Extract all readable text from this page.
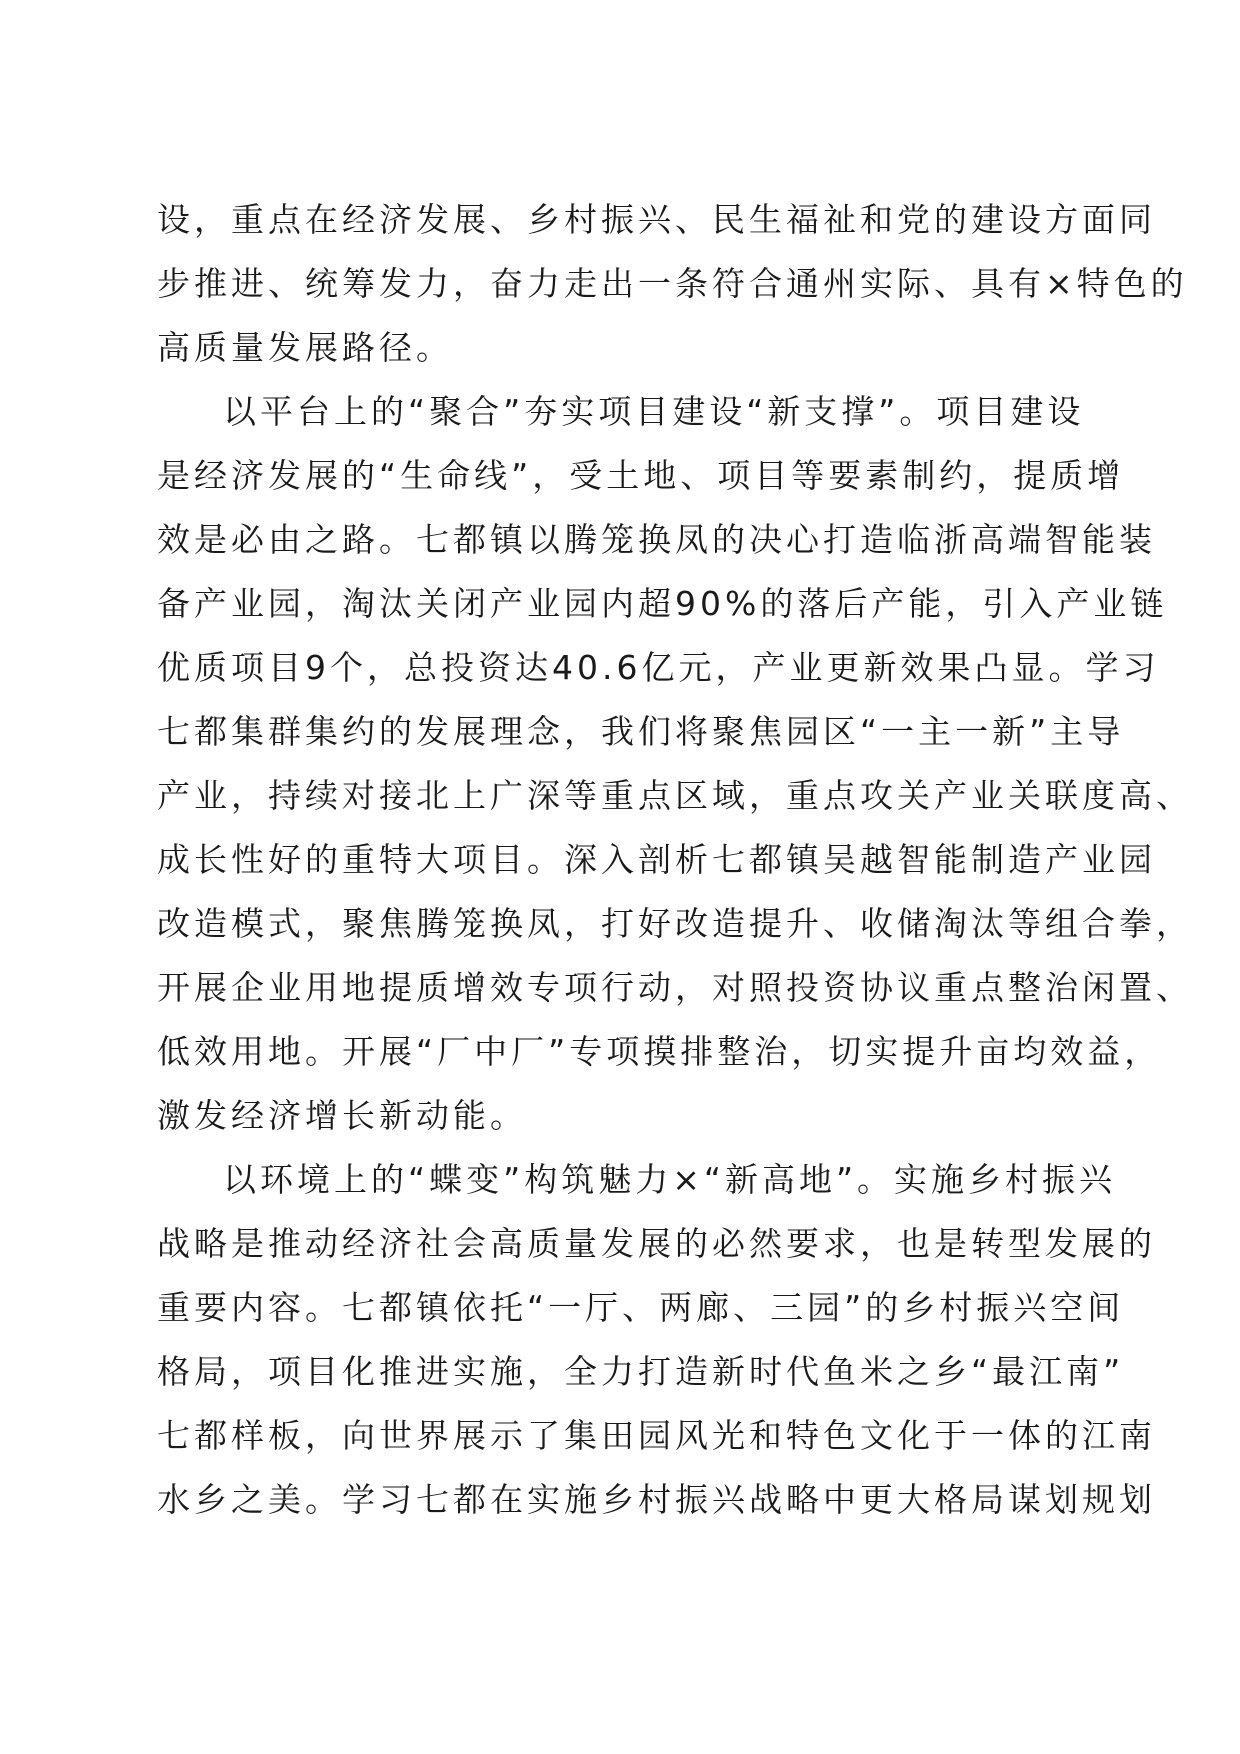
设，重点在经济发展、乡村振兴、民生福祉和党的建设方面同
步推进、统筹发力，奋力走出一条符合通州实际、具有×特色的
高质量发展路径。
以平台上的“聚合”夯实项目建设“新支撑”。项目建设
是经济发展的“生命线”，受土地、项目等要素制约，提质增
效是必由之路。七都镇以腾笼换凤的决心打造临浙高端智能装
备产业园，淘汰关闭产业园内超90%的落后产能，引入产业链
优质项目9个，总投资达40.6亿元，产业更新效果凸显。学习
七都集群集约的发展理念，我们将聚焦园区“一主一新”主导
产业，持续对接北上广深等重点区域，重点攻关产业关联度高、
成长性好的重特大项目。深入剖析七都镇吴越智能制造产业园
改造模式，聚焦腾笼换凤，打好改造提升、收储淘汰等组合拳，
开展企业用地提质增效专项行动，对照投资协议重点整治闲置、
低效用地。开展“厂中厂”专项摸排整治，切实提升亩均效益，
激发经济增长新动能。
以环境上的“蝶变”构筑魅力×“新高地”。实施乡村振兴
战略是推动经济社会高质量发展的必然要求，也是转型发展的
重要内容。七都镇依托“一厅、两廊、三园”的乡村振兴空间
格局，项目化推进实施，全力打造新时代鱼米之乡“最江南”
七都样板，向世界展示了集田园风光和特色文化于一体的江南
水乡之美。学习七都在实施乡村振兴战略中更大格局谋划规划
